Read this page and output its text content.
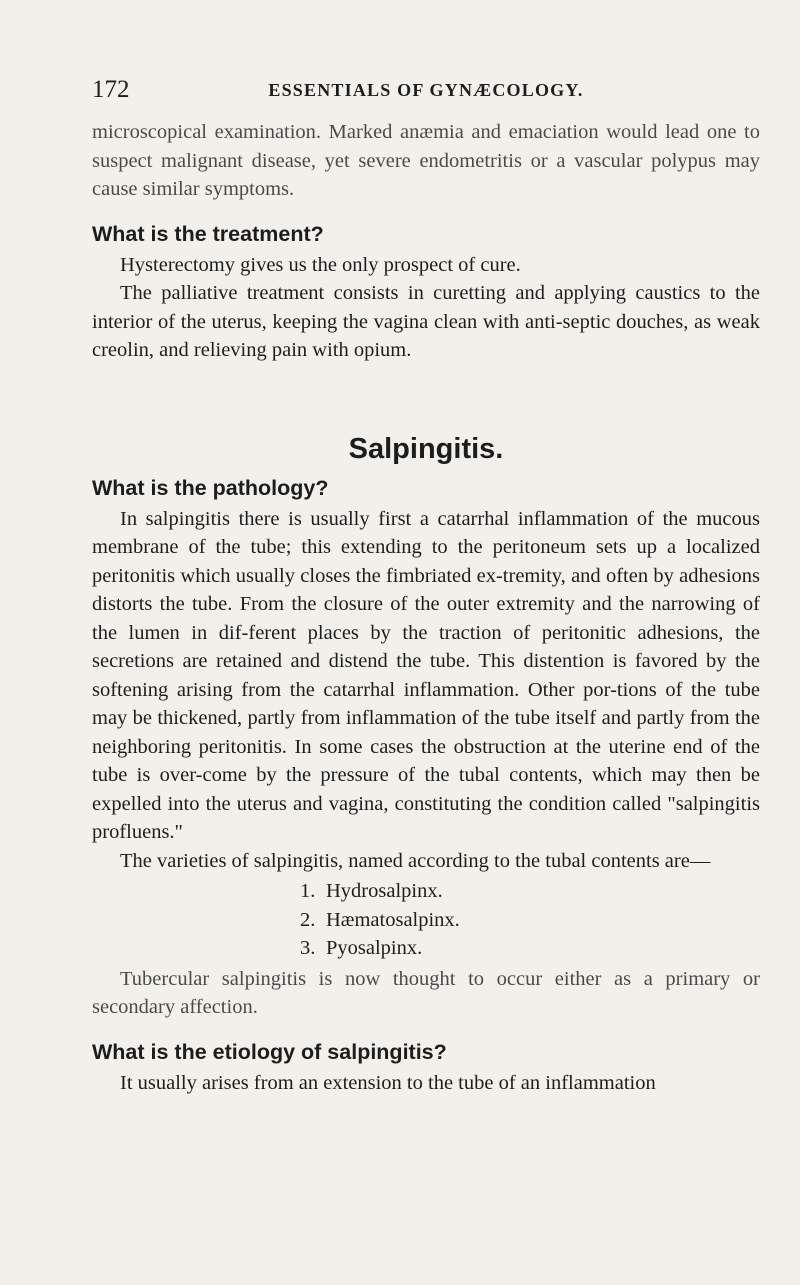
172	ESSENTIALS OF GYNÆCOLOGY.

microscopical examination. Marked anæmia and emaciation would lead one to suspect malignant disease, yet severe endometritis or a vascular polypus may cause similar symptoms.

What is the treatment?

Hysterectomy gives us the only prospect of cure.

The palliative treatment consists in curetting and applying caustics to the interior of the uterus, keeping the vagina clean with anti-septic douches, as weak creolin, and relieving pain with opium.

Salpingitis.
What is the pathology?

In salpingitis there is usually first a catarrhal inflammation of the mucous membrane of the tube; this extending to the peritoneum sets up a localized peritonitis which usually closes the fimbriated ex-tremity, and often by adhesions distorts the tube. From the closure of the outer extremity and the narrowing of the lumen in dif-ferent places by the traction of peritonitic adhesions, the secretions are retained and distend the tube. This distention is favored by the softening arising from the catarrhal inflammation. Other por-tions of the tube may be thickened, partly from inflammation of the tube itself and partly from the neighboring peritonitis. In some cases the obstruction at the uterine end of the tube is over-come by the pressure of the tubal contents, which may then be expelled into the uterus and vagina, constituting the condition called "salpingitis profluens."

The varieties of salpingitis, named according to the tubal contents are—

1. Hydrosalpinx.
2. Hæmatosalpinx.
3. Pyosalpinx.

Tubercular salpingitis is now thought to occur either as a primary or secondary affection.

What is the etiology of salpingitis?

It usually arises from an extension to the tube of an inflammation
